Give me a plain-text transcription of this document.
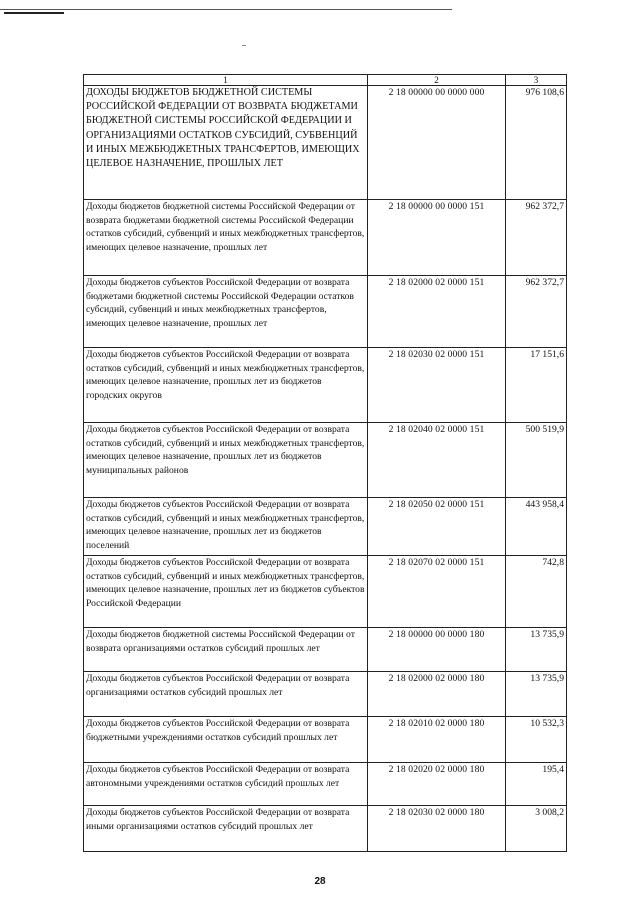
1	2	3
ДОХОДЫ БЮДЖЕТОВ БЮДЖЕТНОЙ СИСТЕМЫ РОССИЙСКОЙ ФЕДЕРАЦИИ ОТ ВОЗВРАТА БЮДЖЕТАМИ БЮДЖЕТНОЙ СИСТЕМЫ РОССИЙСКОЙ ФЕДЕРАЦИИ И ОРГАНИЗАЦИЯМИ ОСТАТКОВ СУБСИДИЙ, СУБВЕНЦИЙ И ИНЫХ МЕЖБЮДЖЕТНЫХ ТРАНСФЕРТОВ, ИМЕЮЩИХ ЦЕЛЕВОЕ НАЗНАЧЕНИЕ, ПРОШЛЫХ ЛЕТ	2 18 00000 00 0000 000	976 108,6
Доходы бюджетов бюджетной системы Российской Федерации от возврата бюджетами бюджетной системы Российской Федерации остатков субсидий, субвенций и иных межбюджетных трансфертов, имеющих целевое назначение, прошлых лет	2 18 00000 00 0000 151	962 372,7
Доходы бюджетов субъектов Российской Федерации от возврата бюджетами бюджетной системы Российской Федерации остатков субсидий, субвенций и иных межбюджетных трансфертов, имеющих целевое назначение, прошлых лет	2 18 02000 02 0000 151	962 372,7
Доходы бюджетов субъектов Российской Федерации от возврата остатков субсидий, субвенций и иных межбюджетных трансфертов, имеющих целевое назначение, прошлых лет из бюджетов городских округов	2 18 02030 02 0000 151	17 151,6
Доходы бюджетов субъектов Российской Федерации от возврата остатков субсидий, субвенций и иных межбюджетных трансфертов, имеющих целевое назначение, прошлых лет из бюджетов муниципальных районов	2 18 02040 02 0000 151	500 519,9
Доходы бюджетов субъектов Российской Федерации от возврата остатков субсидий, субвенций и иных межбюджетных трансфертов, имеющих целевое назначение, прошлых лет из бюджетов поселений	2 18 02050 02 0000 151	443 958,4
Доходы бюджетов субъектов Российской Федерации от возврата остатков субсидий, субвенций и иных межбюджетных трансфертов, имеющих целевое назначение, прошлых лет из бюджетов субъектов Российской Федерации	2 18 02070 02 0000 151	742,8
Доходы бюджетов бюджетной системы Российской Федерации от возврата организациями остатков субсидий прошлых лет	2 18 00000 00 0000 180	13 735,9
Доходы бюджетов субъектов Российской Федерации от возврата организациями остатков субсидий прошлых лет	2 18 02000 02 0000 180	13 735,9
Доходы бюджетов субъектов Российской Федерации от возврата бюджетными учреждениями остатков субсидий прошлых лет	2 18 02010 02 0000 180	10 532,3
Доходы бюджетов субъектов Российской Федерации от возврата автономными учреждениями остатков субсидий прошлых лет	2 18 02020 02 0000 180	195,4
Доходы бюджетов субъектов Российской Федерации от возврата иными организациями остатков субсидий прошлых лет	2 18 02030 02 0000 180	3 008,2
28
